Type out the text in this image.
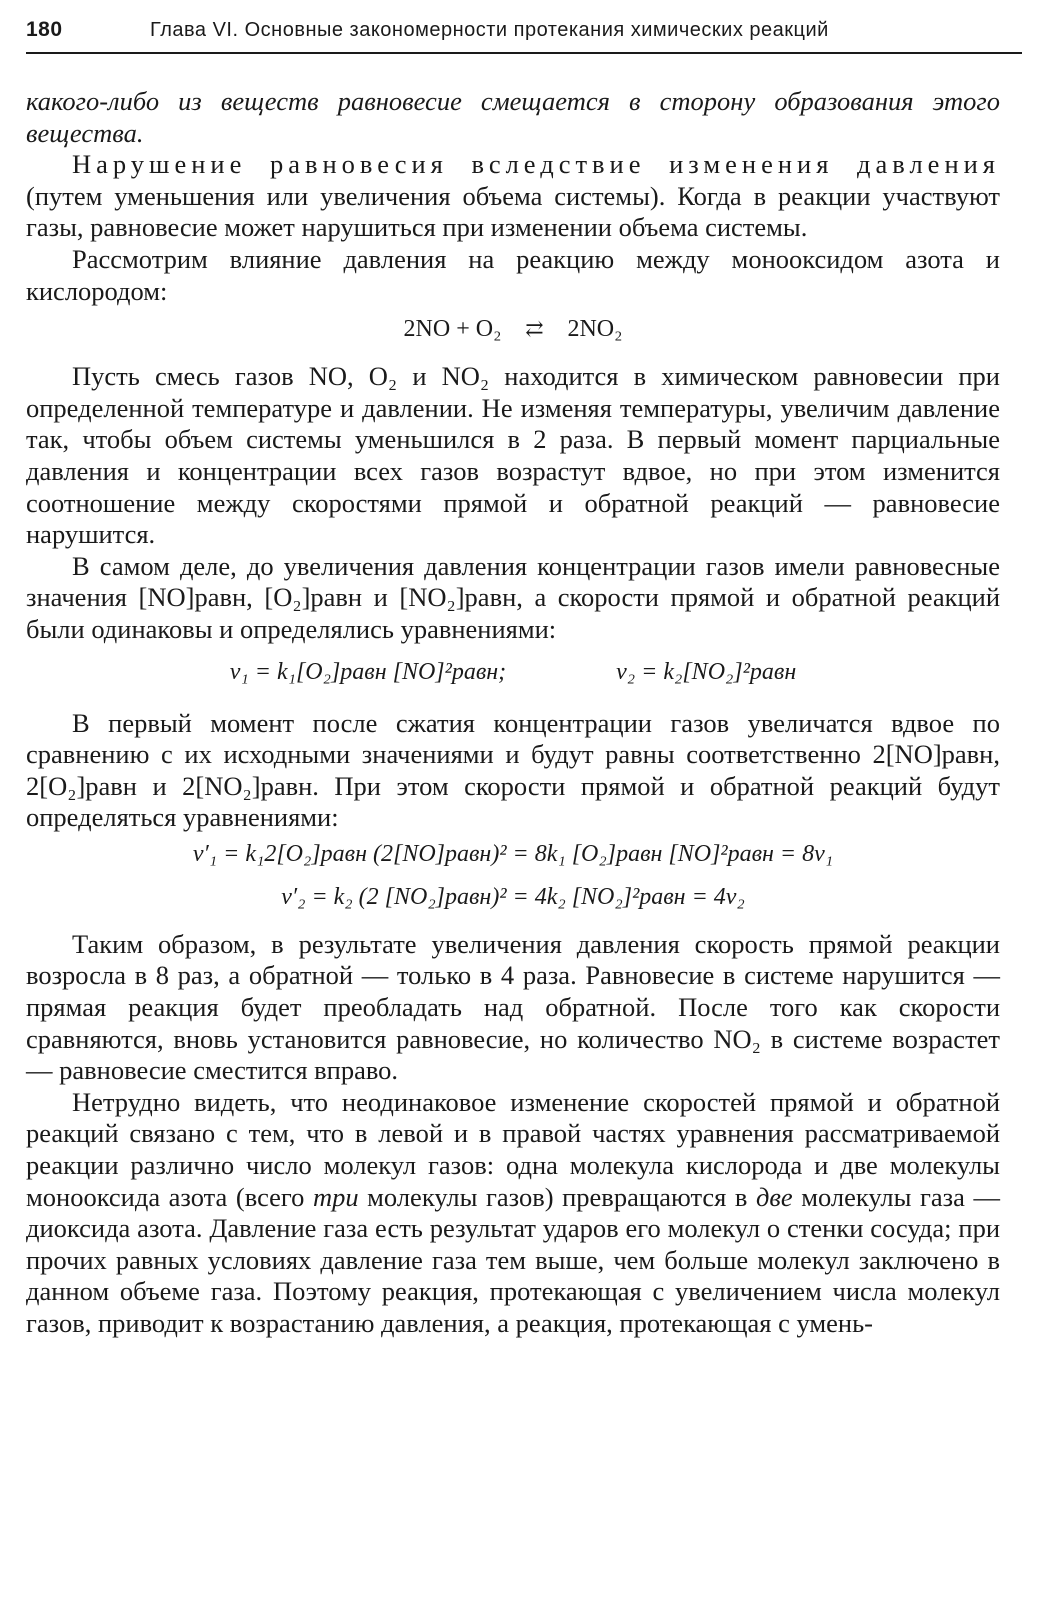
180	Глава VI. Основные закономерности протекания химических реакций

какого-либо из веществ равновесие смещается в сторону образования этого вещества.

Нарушение равновесия вследствие изменения давления (путем уменьшения или увеличения объема системы). Когда в реакции участвуют газы, равновесие может нарушиться при изменении объема системы.

Рассмотрим влияние давления на реакцию между монооксидом азота и кислородом:

2NO + O₂ ⇄ 2NO₂

Пусть смесь газов NO, O₂ и NO₂ находится в химическом равновесии при определенной температуре и давлении. Не изменяя температуры, увеличим давление так, чтобы объем системы уменьшился в 2 раза. В первый момент парциальные давления и концентрации всех газов возрастут вдвое, но при этом изменится соотношение между скоростями прямой и обратной реакций — равновесие нарушится.

В самом деле, до увеличения давления концентрации газов имели равновесные значения [NO]равн, [O₂]равн и [NO₂]равн, а скорости прямой и обратной реакций были одинаковы и определялись уравнениями:

v₁ = k₁[O₂]равн [NO]²равн;	v₂ = k₂[NO₂]²равн

В первый момент после сжатия концентрации газов увеличатся вдвое по сравнению с их исходными значениями и будут равны соответственно 2[NO]равн, 2[O₂]равн и 2[NO₂]равн. При этом скорости прямой и обратной реакций будут определяться уравнениями:

v′₁ = k₁2[O₂]равн (2[NO]равн)² = 8k₁ [O₂]равн [NO]²равн = 8v₁
v′₂ = k₂ (2 [NO₂]равн)² = 4k₂ [NO₂]²равн = 4v₂

Таким образом, в результате увеличения давления скорость прямой реакции возросла в 8 раз, а обратной — только в 4 раза. Равновесие в системе нарушится — прямая реакция будет преобладать над обратной. После того как скорости сравняются, вновь установится равновесие, но количество NO₂ в системе возрастет — равновесие сместится вправо.

Нетрудно видеть, что неодинаковое изменение скоростей прямой и обратной реакций связано с тем, что в левой и в правой частях уравнения рассматриваемой реакции различно число молекул газов: одна молекула кислорода и две молекулы монооксида азота (всего три молекулы газов) превращаются в две молекулы газа — диоксида азота. Давление газа есть результат ударов его молекул о стенки сосуда; при прочих равных условиях давление газа тем выше, чем больше молекул заключено в данном объеме газа. Поэтому реакция, протекающая с увеличением числа молекул газов, приводит к возрастанию давления, а реакция, протекающая с умень-
